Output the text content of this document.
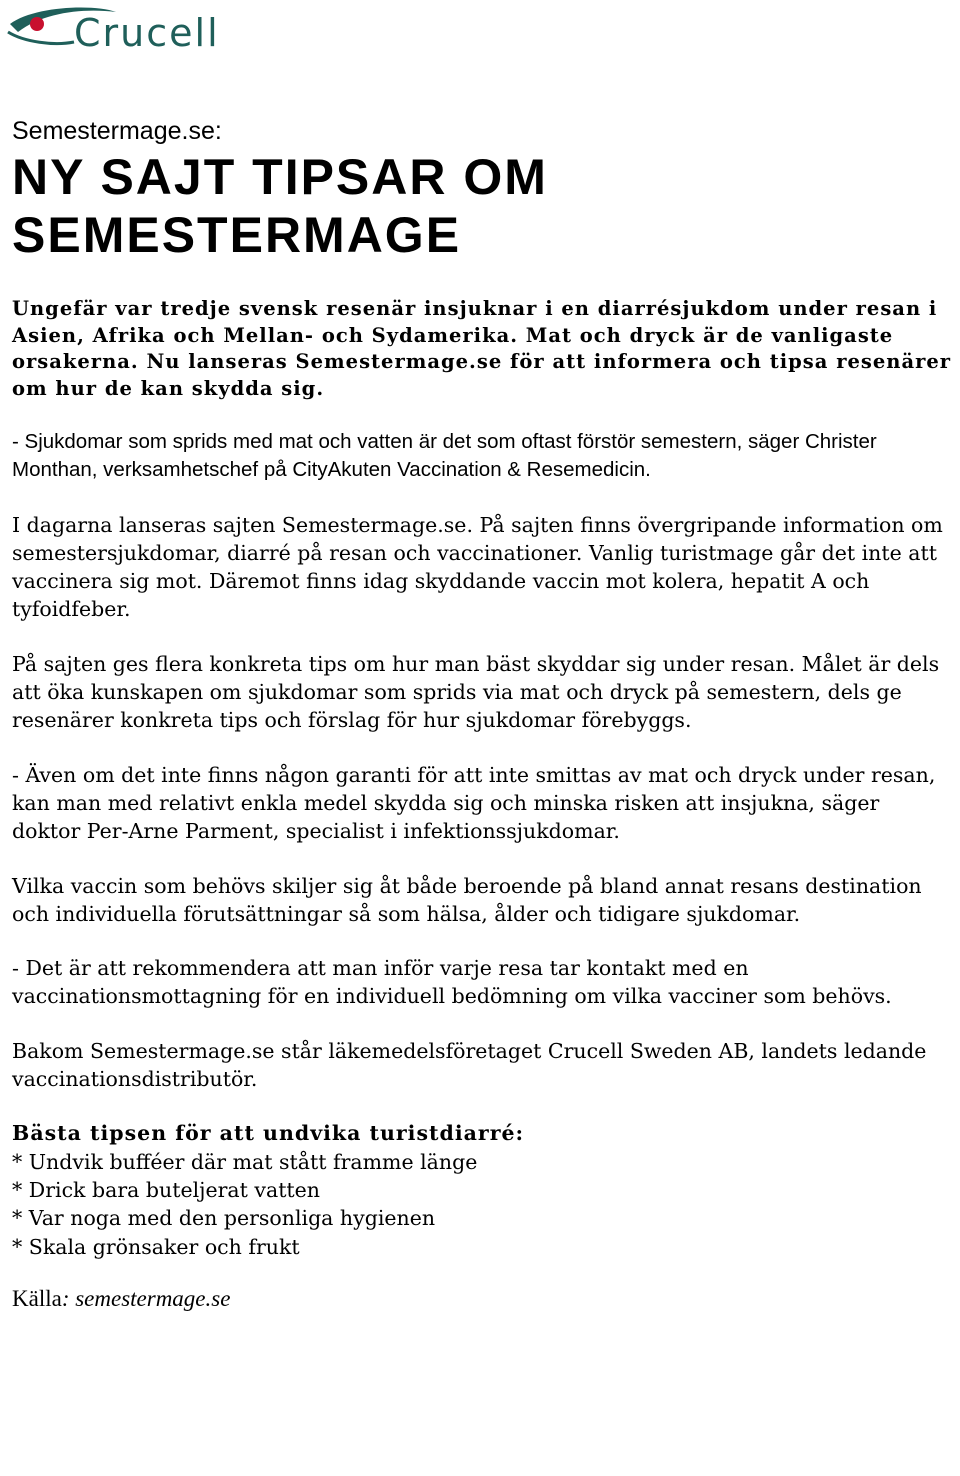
Crucell

Semestermage.se:

NY SAJT TIPSAR OM
SEMESTERMAGE

Ungefär var tredje svensk resenär insjuknar i en diarrésjukdom under resan i Asien, Afrika och Mellan- och Sydamerika. Mat och dryck är de vanligaste orsakerna. Nu lanseras Semestermage.se för att informera och tipsa resenärer om hur de kan skydda sig.

- Sjukdomar som sprids med mat och vatten är det som oftast förstör semestern, säger Christer Monthan, verksamhetschef på CityAkuten Vaccination & Resemedicin.

I dagarna lanseras sajten Semestermage.se. På sajten finns övergripande information om semestersjukdomar, diarré på resan och vaccinationer. Vanlig turistmage går det inte att vaccinera sig mot. Däremot finns idag skyddande vaccin mot kolera, hepatit A och tyfoidfeber.

På sajten ges flera konkreta tips om hur man bäst skyddar sig under resan. Målet är dels att öka kunskapen om sjukdomar som sprids via mat och dryck på semestern, dels ge resenärer konkreta tips och förslag för hur sjukdomar förebyggs.

- Även om det inte finns någon garanti för att inte smittas av mat och dryck under resan, kan man med relativt enkla medel skydda sig och minska risken att insjukna, säger doktor Per-Arne Parment, specialist i infektionssjukdomar.

Vilka vaccin som behövs skiljer sig åt både beroende på bland annat resans destination och individuella förutsättningar så som hälsa, ålder och tidigare sjukdomar.

- Det är att rekommendera att man inför varje resa tar kontakt med en vaccinationsmottagning för en individuell bedömning om vilka vacciner som behövs.

Bakom Semestermage.se står läkemedelsföretaget Crucell Sweden AB, landets ledande vaccinationsdistributör.

Bästa tipsen för att undvika turistdiarré:

* Undvik bufféer där mat stått framme länge
* Drick bara buteljerat vatten
* Var noga med den personliga hygienen
* Skala grönsaker och frukt

Källa: semestermage.se
